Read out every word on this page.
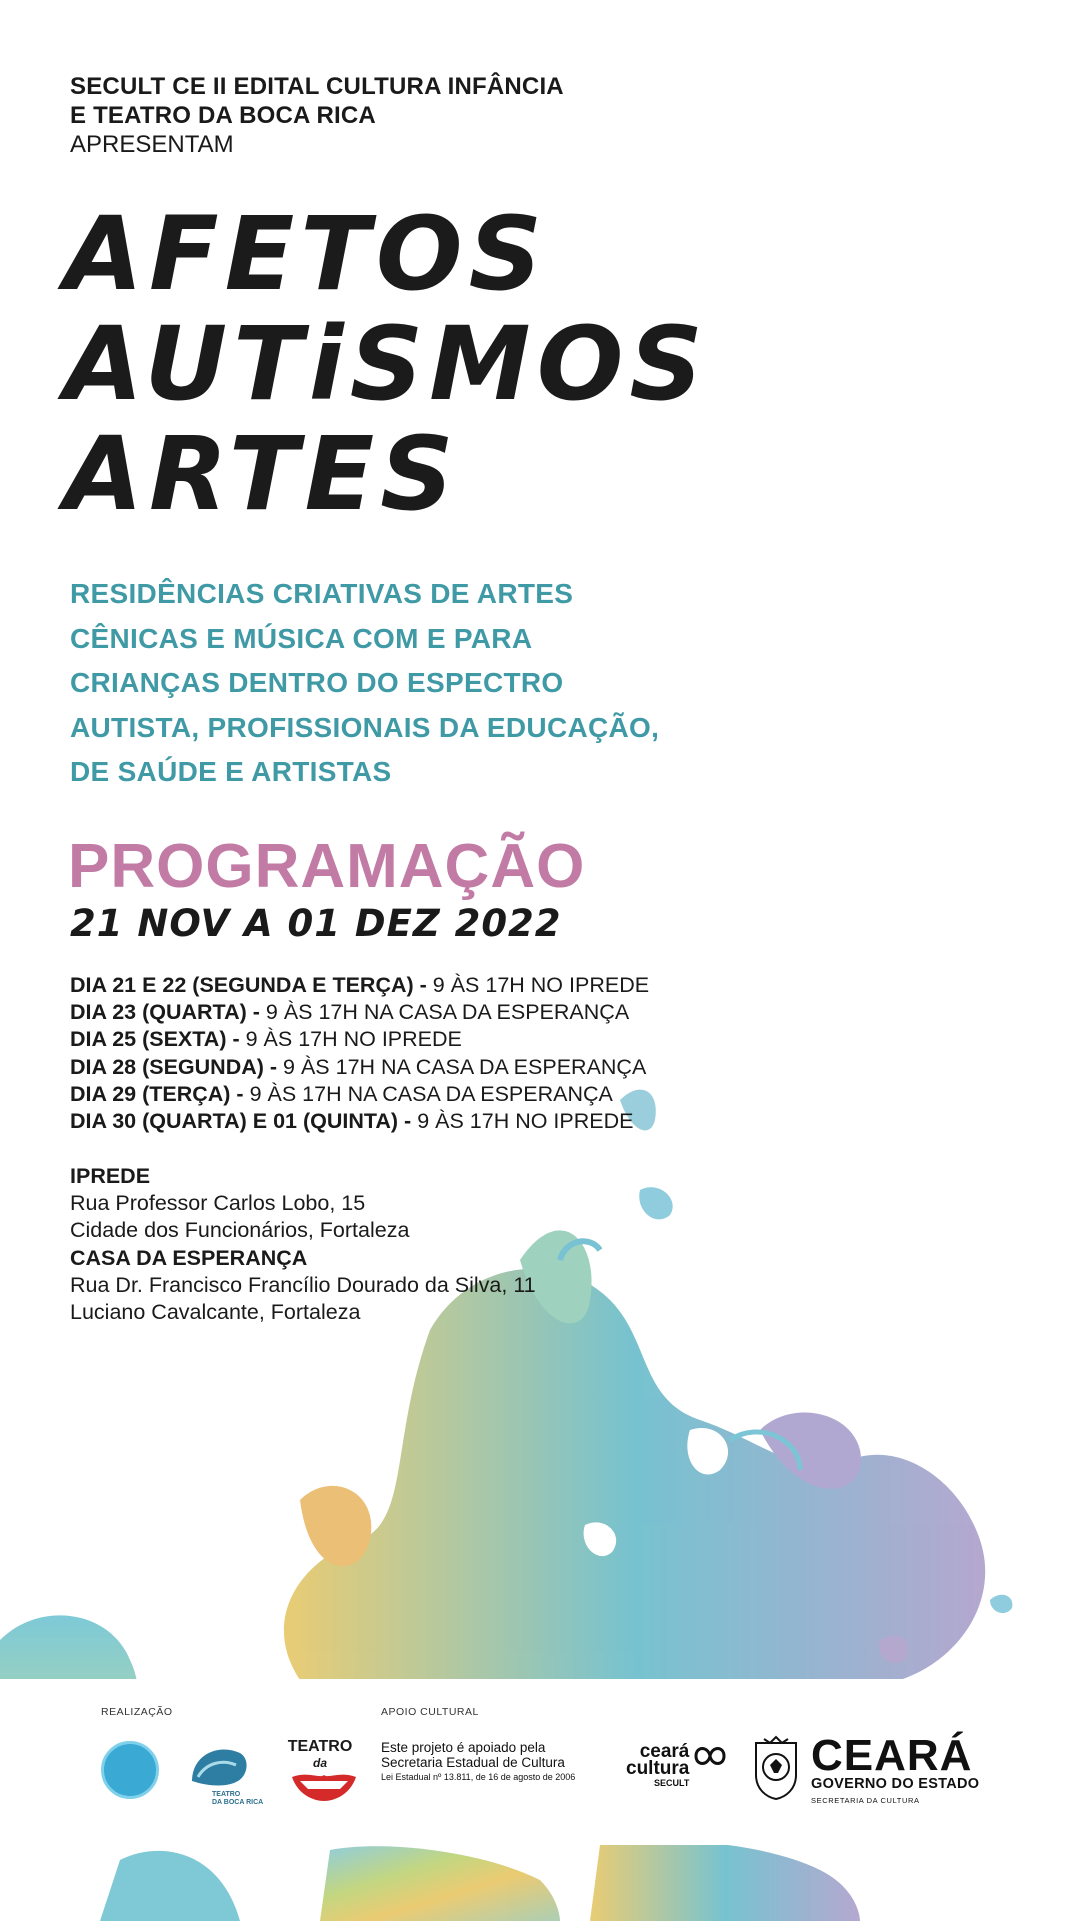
SECULT CE II EDITAL CULTURA INFÂNCIA
E TEATRO DA BOCA RICA
APRESENTAM
AFETOS
AUTiSMOS
ARTES
RESIDÊNCIAS CRIATIVAS DE ARTES
CÊNICAS E MÚSICA COM E PARA
CRIANÇAS DENTRO DO ESPECTRO
AUTISTA, PROFISSIONAIS DA EDUCAÇÃO,
DE SAÚDE E ARTISTAS
PROGRAMAÇÃO
21 NOV A 01 DEZ 2022
DIA 21 E 22 (SEGUNDA E TERÇA) - 9 ÀS 17H NO IPREDE
DIA 23 (QUARTA) - 9 ÀS 17H NA CASA DA ESPERANÇA
DIA 25 (SEXTA) - 9 ÀS 17H NO IPREDE
DIA 28 (SEGUNDA) - 9 ÀS 17H NA CASA DA ESPERANÇA
DIA 29 (TERÇA) - 9 ÀS 17H NA CASA DA ESPERANÇA
DIA 30 (QUARTA) E 01 (QUINTA) - 9 ÀS 17H NO IPREDE
IPREDE
Rua Professor Carlos Lobo, 15
Cidade dos Funcionários, Fortaleza
CASA DA ESPERANÇA
Rua Dr. Francisco Francílio Dourado da Silva, 11
Luciano Cavalcante, Fortaleza
REALIZAÇÃO	APOIO CULTURAL
TEATRO
DA BOCA RICA
TEATRO
da
Este projeto é apoiado pela
Secretaria Estadual de Cultura
Lei Estadual nº 13.811, de 16 de agosto de 2006
ceará
cultura
SECULT
CEARÁ
GOVERNO DO ESTADO
SECRETARIA DA CULTURA
